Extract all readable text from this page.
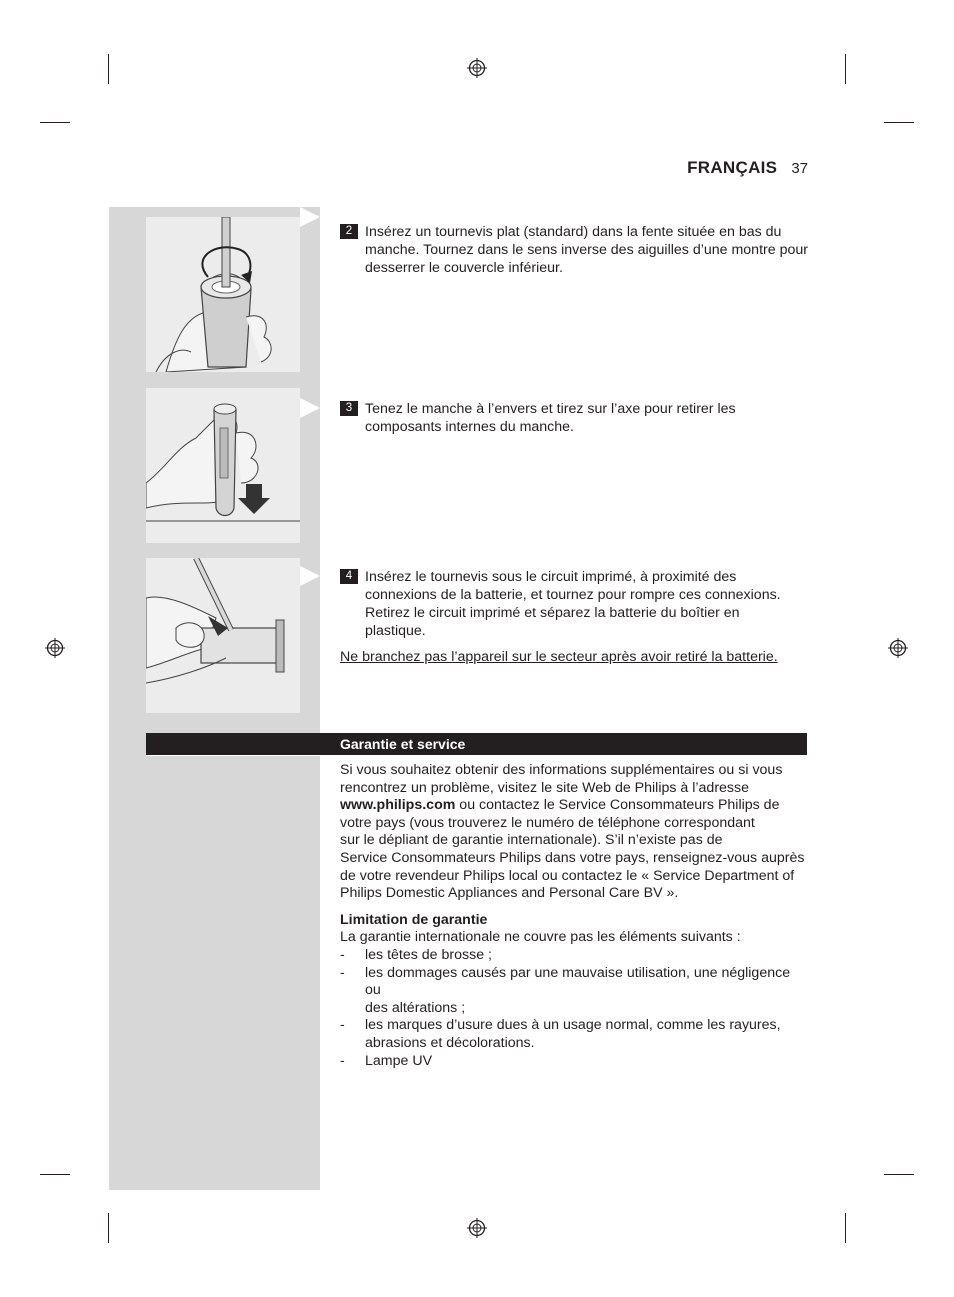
FRANÇAIS 37
2 Insérez un tournevis plat (standard) dans la fente située en bas du
manche. Tournez dans le sens inverse des aiguilles d’une montre pour
desserrer le couvercle inférieur.
3 Tenez le manche à l’envers et tirez sur l’axe pour retirer les
composants internes du manche.
4 Insérez le tournevis sous le circuit imprimé, à proximité des
connexions de la batterie, et tournez pour rompre ces connexions.
Retirez le circuit imprimé et séparez la batterie du boîtier en
plastique.
Ne branchez pas l’appareil sur le secteur après avoir retiré la batterie.
Garantie et service

Si vous souhaitez obtenir des informations supplémentaires ou si vous

rencontrez un problème, visitez le site Web de Philips à l’adresse

www.philips.com ou contactez le Service Consommateurs Philips de

votre pays (vous trouverez le numéro de téléphone correspondant

sur le dépliant de garantie internationale). S’il n’existe pas de

Service Consommateurs Philips dans votre pays, renseignez-vous auprès

de votre revendeur Philips local ou contactez le « Service Department of

Philips Domestic Appliances and Personal Care BV ».

Limitation de garantie

La garantie internationale ne couvre pas les éléments suivants :

- les têtes de brosse ;
- les dommages causés par une mauvaise utilisation, une négligence ou
des altérations ;
- les marques d’usure dues à un usage normal, comme les rayures,
abrasions et décolorations.
- Lampe UV
